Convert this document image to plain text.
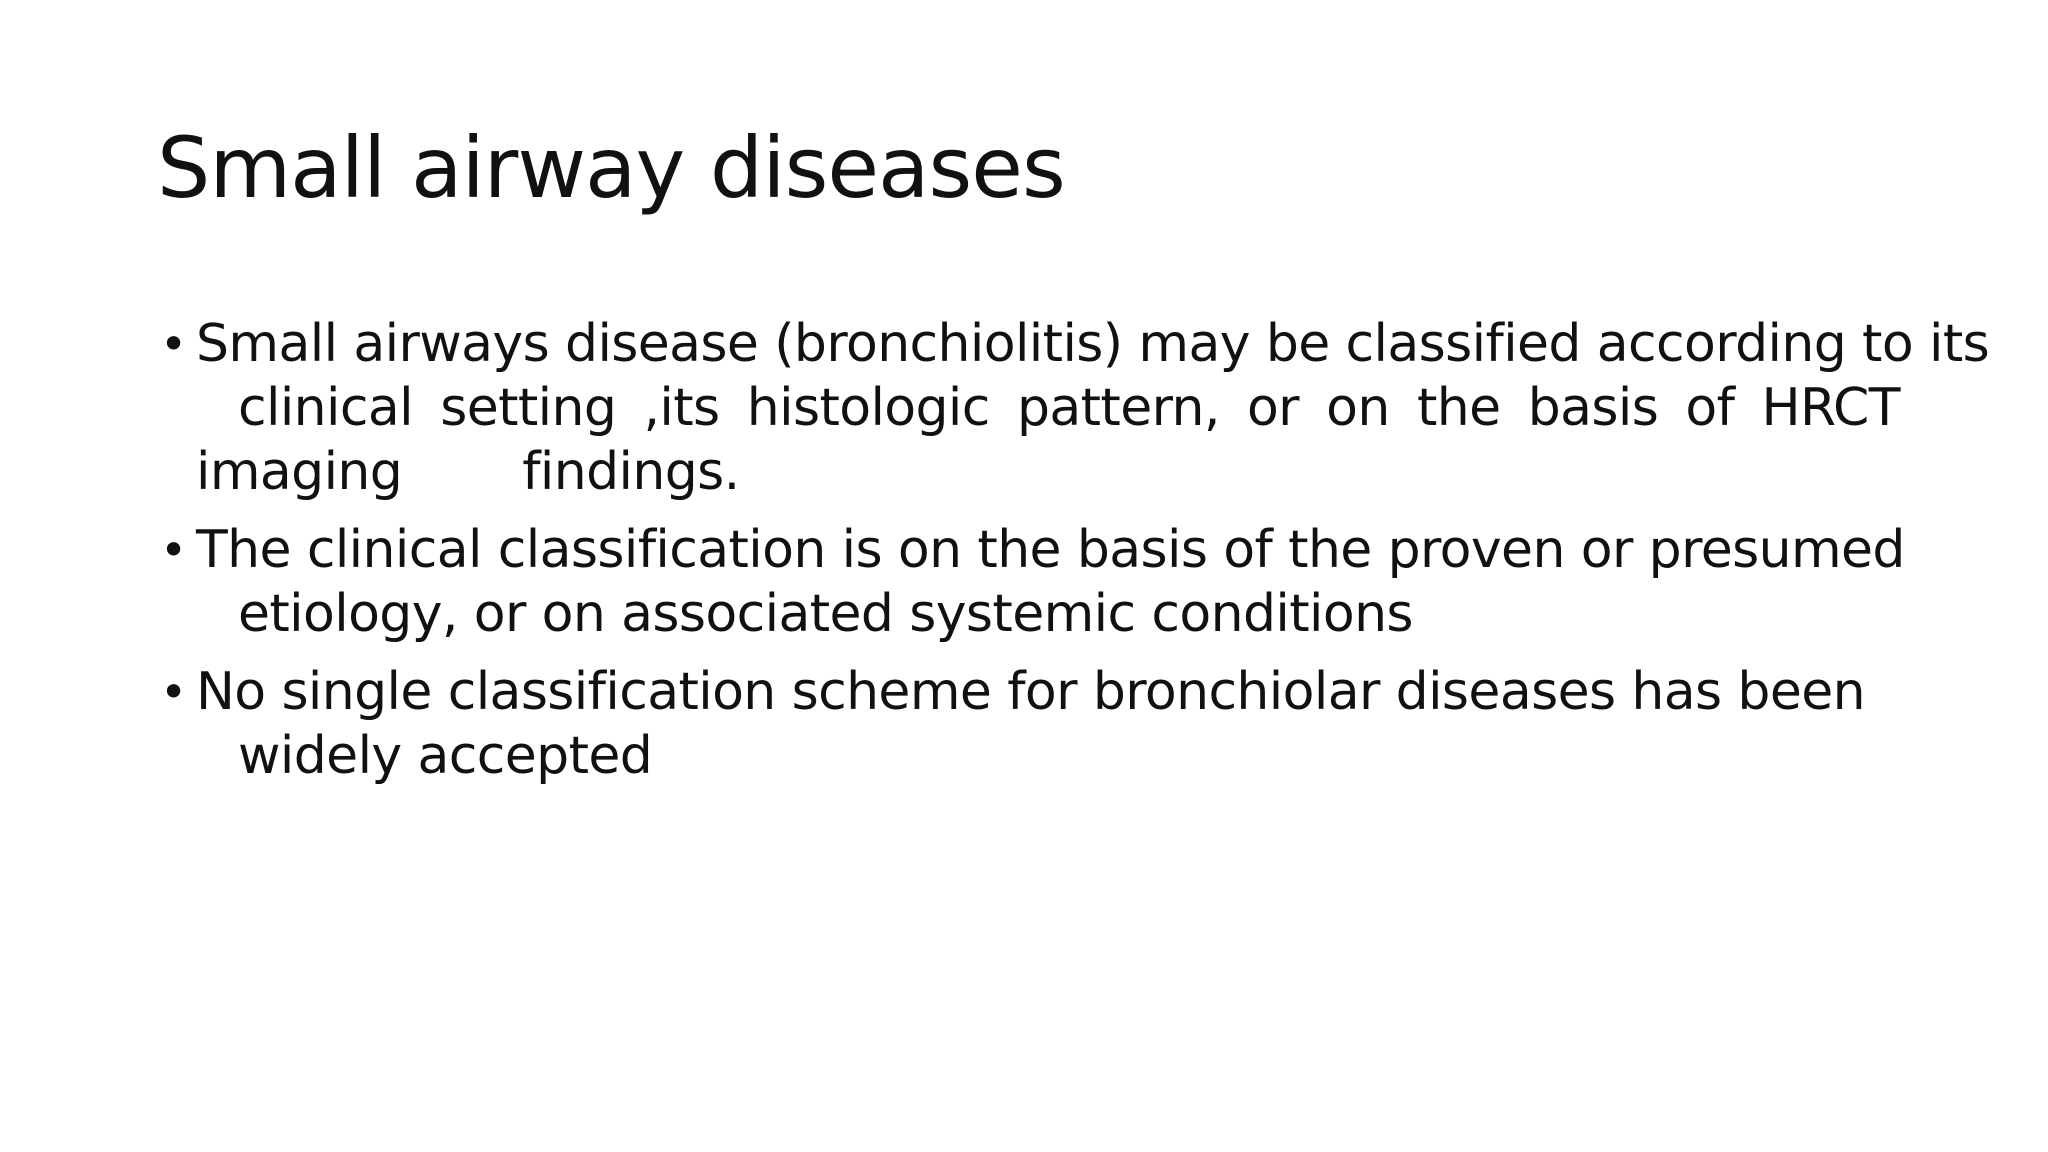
Small airway diseases
• Small airways disease (bronchiolitis) may be classified according to its
clinical setting ,its histologic pattern, or on the basis of HRCT
imaging findings.
• The clinical classification is on the basis of the proven or presumed
etiology, or on associated systemic conditions
• No single classification scheme for bronchiolar diseases has been
widely accepted
